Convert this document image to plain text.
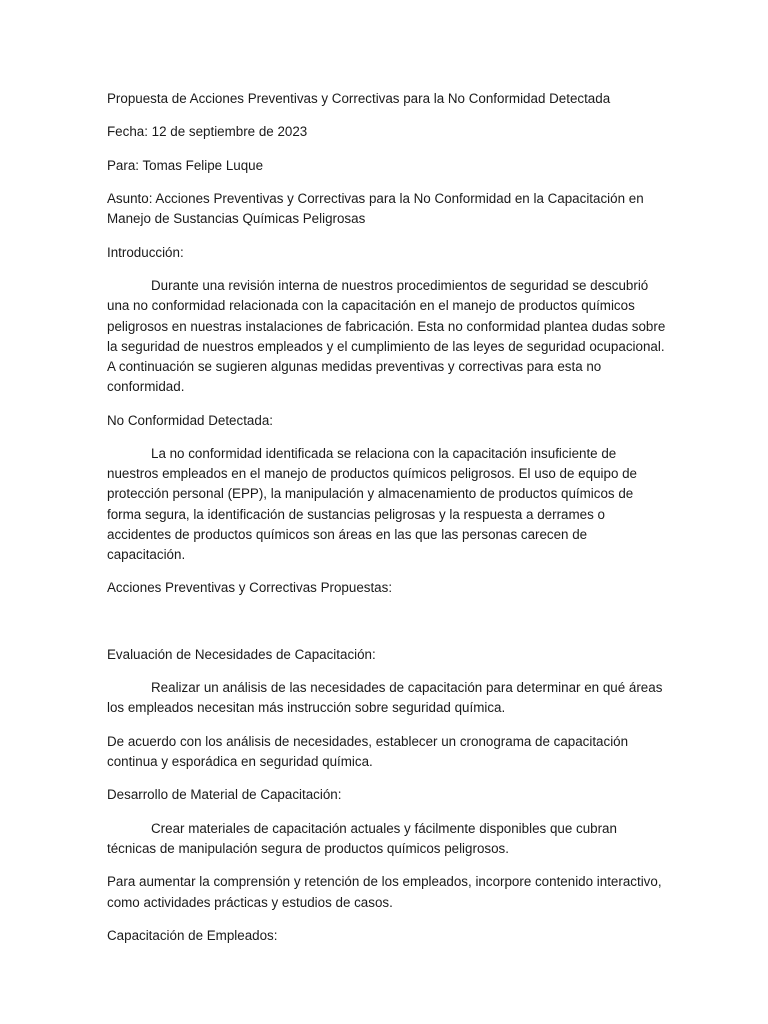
Propuesta de Acciones Preventivas y Correctivas para la No Conformidad Detectada

Fecha: 12 de septiembre de 2023

Para: Tomas Felipe Luque

Asunto: Acciones Preventivas y Correctivas para la No Conformidad en la Capacitación en Manejo de Sustancias Químicas Peligrosas

Introducción:

Durante una revisión interna de nuestros procedimientos de seguridad se descubrió una no conformidad relacionada con la capacitación en el manejo de productos químicos peligrosos en nuestras instalaciones de fabricación. Esta no conformidad plantea dudas sobre la seguridad de nuestros empleados y el cumplimiento de las leyes de seguridad ocupacional. A continuación se sugieren algunas medidas preventivas y correctivas para esta no conformidad.

No Conformidad Detectada:

La no conformidad identificada se relaciona con la capacitación insuficiente de nuestros empleados en el manejo de productos químicos peligrosos. El uso de equipo de protección personal (EPP), la manipulación y almacenamiento de productos químicos de forma segura, la identificación de sustancias peligrosas y la respuesta a derrames o accidentes de productos químicos son áreas en las que las personas carecen de capacitación.

Acciones Preventivas y Correctivas Propuestas:

Evaluación de Necesidades de Capacitación:

Realizar un análisis de las necesidades de capacitación para determinar en qué áreas los empleados necesitan más instrucción sobre seguridad química.

De acuerdo con los análisis de necesidades, establecer un cronograma de capacitación continua y esporádica en seguridad química.

Desarrollo de Material de Capacitación:

Crear materiales de capacitación actuales y fácilmente disponibles que cubran técnicas de manipulación segura de productos químicos peligrosos.

Para aumentar la comprensión y retención de los empleados, incorpore contenido interactivo, como actividades prácticas y estudios de casos.

Capacitación de Empleados:
